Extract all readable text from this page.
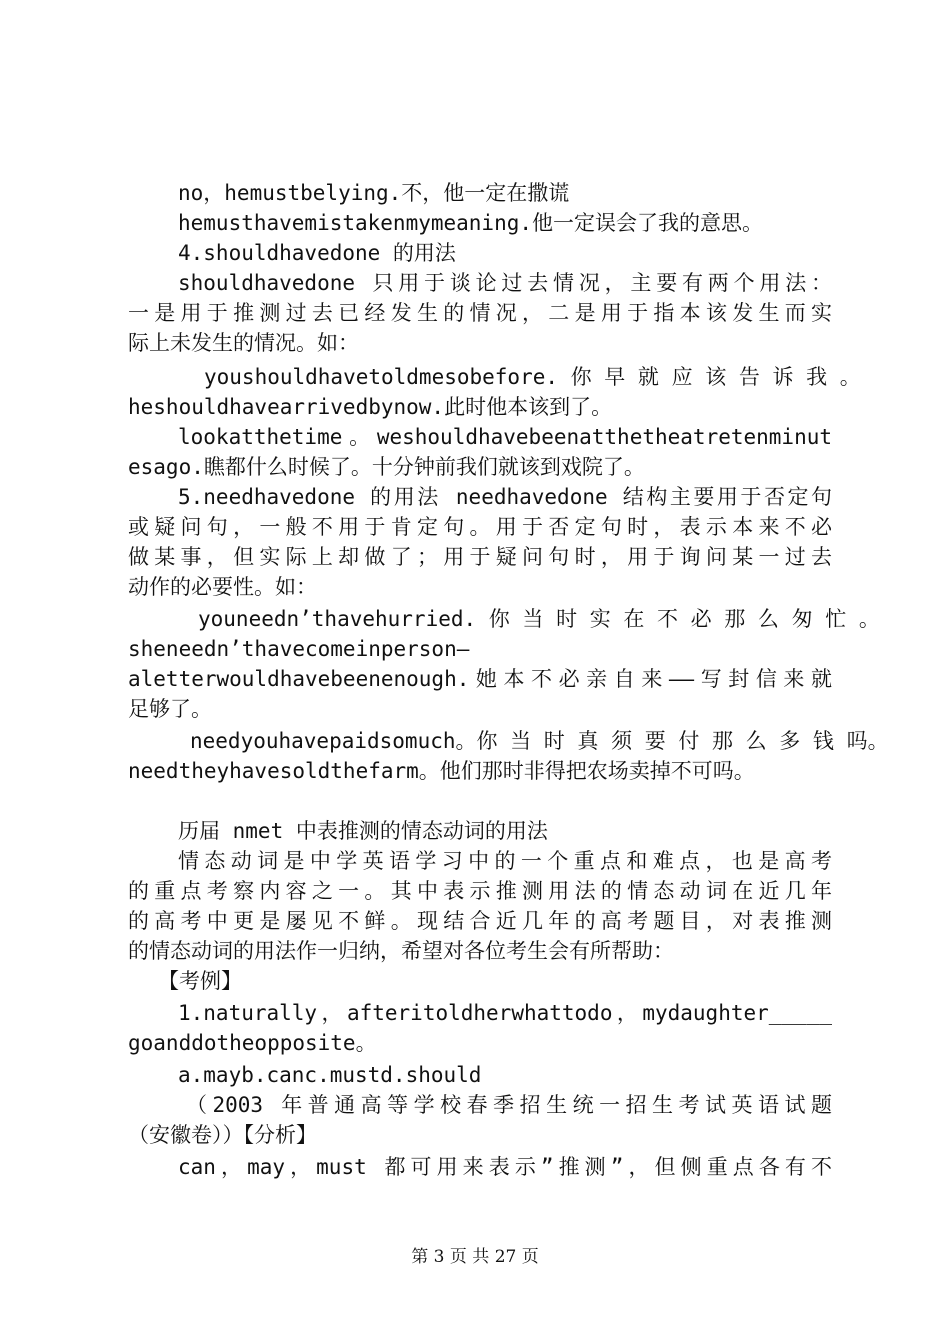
no，hemustbelying.不，他一定在撒谎
hemusthavemistakenmymeaning.他一定误会了我的意思。
4.shouldhavedone 的用法
shouldhavedone 只用于谈论过去情况，主要有两个用法：
一是用于推测过去已经发生的情况，二是用于指本该发生而实
际上未发生的情况。如：
youshouldhavetoldmesobefore. 你 早 就 应 该 告 诉 我 。
heshouldhavearrivedbynow.此时他本该到了。
lookatthetime。weshouldhavebeenatthetheatretenminut
esago.瞧都什么时候了。十分钟前我们就该到戏院了。
5.needhavedone 的用法 needhavedone 结构主要用于否定句
或疑问句，一般不用于肯定句。用于否定句时，表示本来不必
做某事，但实际上却做了；用于疑问句时，用于询问某一过去
动作的必要性。如：
youneedn’thavehurried. 你 当 时 实 在 不 必 那 么 匆 忙 。
sheneedn’thavecomeinperson—
aletterwouldhavebeenenough.她本不必亲自来——写封信来就
足够了。
needyouhavepaidsomuch。你 当 时 真 须 要 付 那 么 多 钱 吗。
needtheyhavesoldthefarm。他们那时非得把农场卖掉不可吗。
历届 nmet 中表推测的情态动词的用法
情态动词是中学英语学习中的一个重点和难点，也是高考
的重点考察内容之一。其中表示推测用法的情态动词在近几年
的高考中更是屡见不鲜。现结合近几年的高考题目，对表推测
的情态动词的用法作一归纳，希望对各位考生会有所帮助：
【考例】
1.naturally，afteritoldherwhattodo，mydaughter_____
goanddotheopposite。
a.mayb.canc.mustd.should
（2003 年普通高等学校春季招生统一招生考试英语试题
（安徽卷））【分析】
can，may，must 都可用来表示”推测”，但侧重点各有不
第 3 页 共 27 页
